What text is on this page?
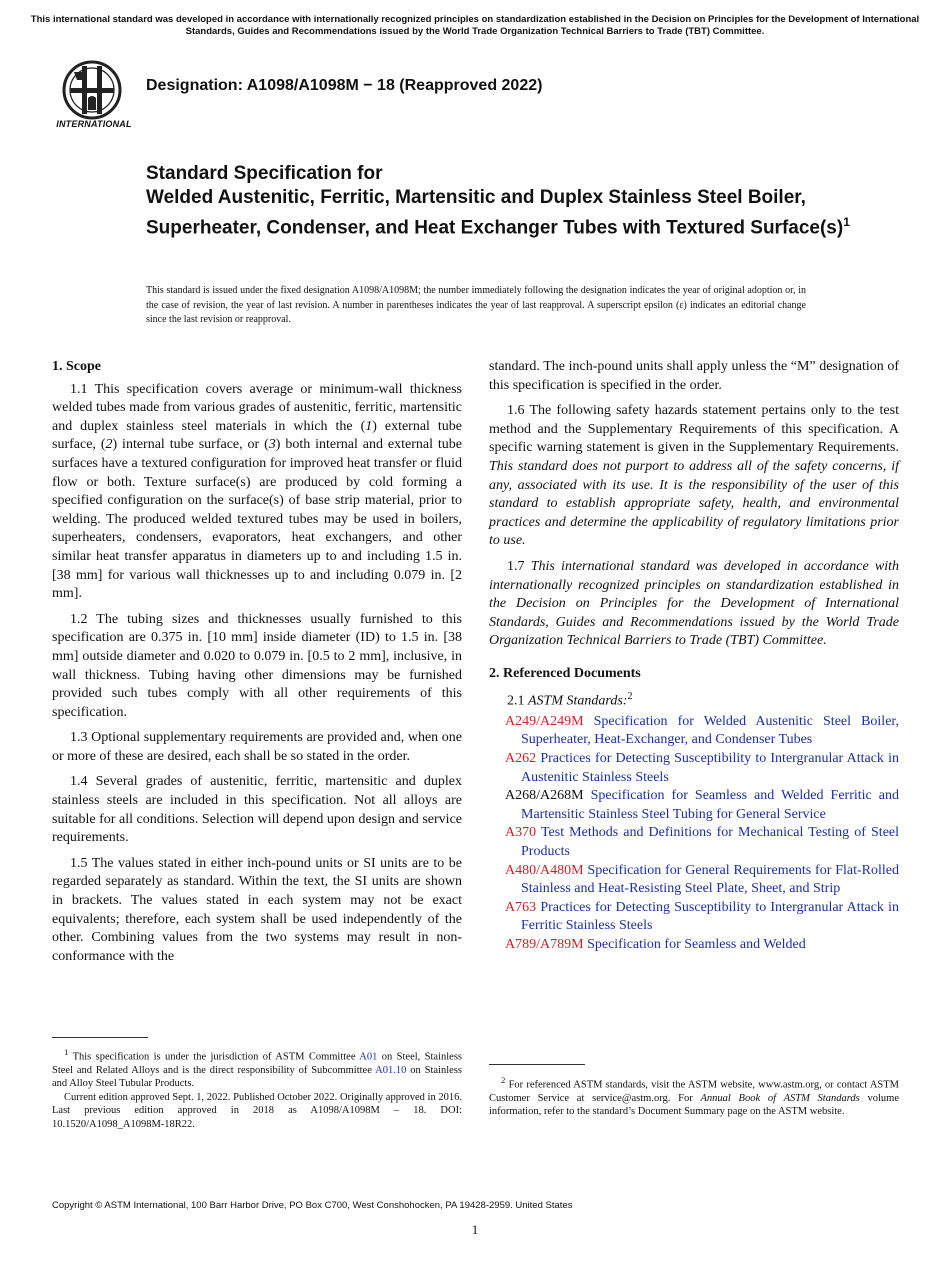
This international standard was developed in accordance with internationally recognized principles on standardization established in the Decision on Principles for the Development of International Standards, Guides and Recommendations issued by the World Trade Organization Technical Barriers to Trade (TBT) Committee.
INTERNATIONAL
Designation: A1098/A1098M − 18 (Reapproved 2022)
Standard Specification for
Welded Austenitic, Ferritic, Martensitic and Duplex Stainless Steel Boiler, Superheater, Condenser, and Heat Exchanger Tubes with Textured $Surface(s)^1$
This standard is issued under the fixed designation A1098/A1098M; the number immediately following the designation indicates the year of original adoption or, in the case of revision, the year of last revision. A number in parentheses indicates the year of last reapproval. A superscript epsilon (ε) indicates an editorial change since the last revision or reapproval.
1. Scope

1.1 This specification covers average or minimum-wall thickness welded tubes made from various grades of austenitic, ferritic, martensitic and duplex stainless steel materials in which the (1) external tube surface, (2) internal tube surface, or (3) both internal and external tube surfaces have a textured configuration for improved heat transfer or fluid flow or both. Texture surface(s) are produced by cold forming a specified configuration on the surface(s) of base strip material, prior to welding. The produced welded textured tubes may be used in boilers, superheaters, condensers, evaporators, heat exchangers, and other similar heat transfer apparatus in diameters up to and including 1.5 in. [38 mm] for various wall thicknesses up to and including 0.079 in. [2 mm].

1.2 The tubing sizes and thicknesses usually furnished to this specification are 0.375 in. [10 mm] inside diameter (ID) to 1.5 in. [38 mm] outside diameter and 0.020 to 0.079 in. [0.5 to 2 mm], inclusive, in wall thickness. Tubing having other dimensions may be furnished provided such tubes comply with all other requirements of this specification.

1.3 Optional supplementary requirements are provided and, when one or more of these are desired, each shall be so stated in the order.

1.4 Several grades of austenitic, ferritic, martensitic and duplex stainless steels are included in this specification. Not all alloys are suitable for all conditions. Selection will depend upon design and service requirements.

1.5 The values stated in either inch-pound units or SI units are to be regarded separately as standard. Within the text, the SI units are shown in brackets. The values stated in each system may not be exact equivalents; therefore, each system shall be used independently of the other. Combining values from the two systems may result in non-conformance with the

standard. The inch-pound units shall apply unless the “M” designation of this specification is specified in the order.

1.6 The following safety hazards statement pertains only to the test method and the Supplementary Requirements of this specification. A specific warning statement is given in the Supplementary Requirements. This standard does not purport to address all of the safety concerns, if any, associated with its use. It is the responsibility of the user of this standard to establish appropriate safety, health, and environmental practices and determine the applicability of regulatory limitations prior to use.

1.7 This international standard was developed in accordance with internationally recognized principles on standardization established in the Decision on Principles for the Development of International Standards, Guides and Recommendations issued by the World Trade Organization Technical Barriers to Trade (TBT) Committee.

2. Referenced Documents

2.1 ASTM Standards:$^2$

A249/A249M Specification for Welded Austenitic Steel Boiler, Superheater, Heat-Exchanger, and Condenser Tubes
A262 Practices for Detecting Susceptibility to Intergranular Attack in Austenitic Stainless Steels
A268/A268M Specification for Seamless and Welded Ferritic and Martensitic Stainless Steel Tubing for General Service
A370 Test Methods and Definitions for Mechanical Testing of Steel Products
A480/A480M Specification for General Requirements for Flat-Rolled Stainless and Heat-Resisting Steel Plate, Sheet, and Strip
A763 Practices for Detecting Susceptibility to Intergranular Attack in Ferritic Stainless Steels
A789/A789M Specification for Seamless and Welded

$^1$ This specification is under the jurisdiction of ASTM Committee A01 on Steel, Stainless Steel and Related Alloys and is the direct responsibility of Subcommittee A01.10 on Stainless and Alloy Steel Tubular Products.

Current edition approved Sept. 1, 2022. Published October 2022. Originally approved in 2016. Last previous edition approved in 2018 as A1098/A1098M – 18. DOI: 10.1520/A1098_A1098M-18R22.

$^2$ For referenced ASTM standards, visit the ASTM website, www.astm.org, or contact ASTM Customer Service at service@astm.org. For Annual Book of ASTM Standards volume information, refer to the standard’s Document Summary page on the ASTM website.

Copyright © ASTM International, 100 Barr Harbor Drive, PO Box C700, West Conshohocken, PA 19428-2959. United States
1
